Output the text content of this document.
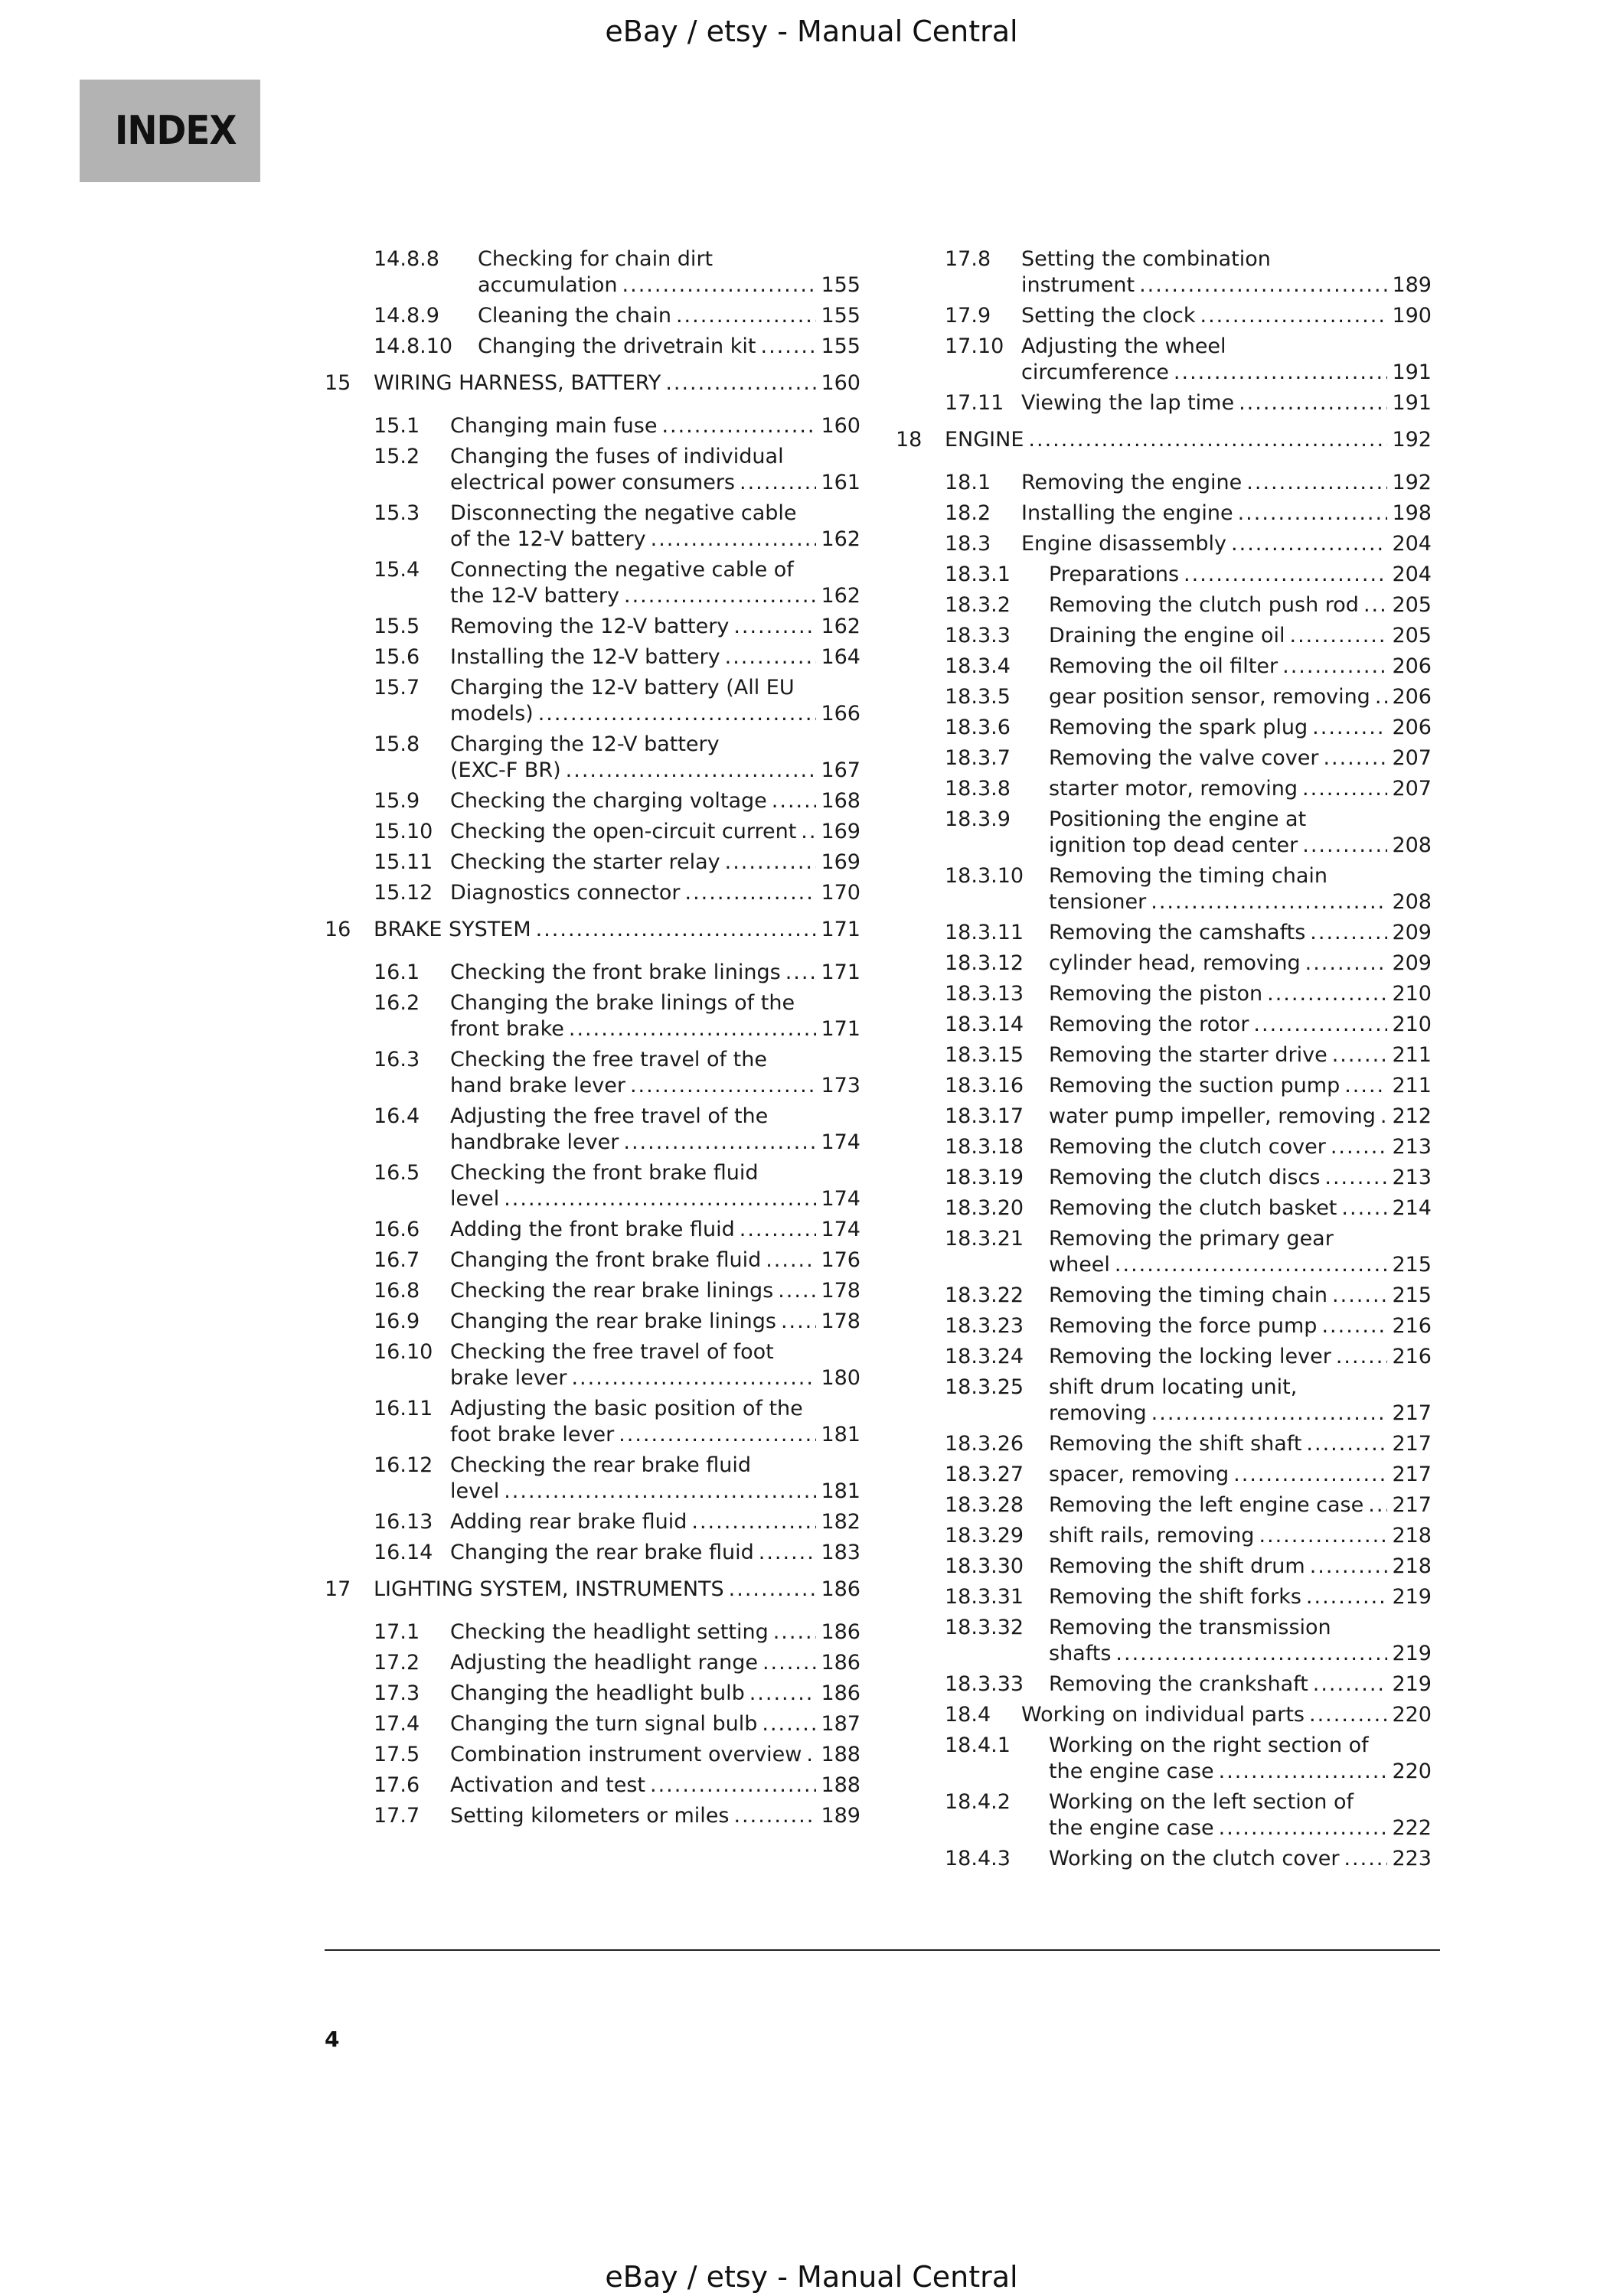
eBay / etsy - Manual Central
INDEX
14.8.8 Checking for chain dirt
accumulation .....	155
14.8.9 Cleaning the chain .....	155
14.8.10 Changing the drivetrain kit .....	155
15 WIRING HARNESS, BATTERY .....	160
15.1 Changing main fuse .....	160
15.2 Changing the fuses of individual
electrical power consumers .....	161
15.3 Disconnecting the negative cable
of the 12-V battery .....	162
15.4 Connecting the negative cable of
the 12-V battery .....	162
15.5 Removing the 12-V battery .....	162
15.6 Installing the 12-V battery .....	164
15.7 Charging the 12-V battery (All EU
models) .....	166
15.8 Charging the 12-V battery
(EXC-F BR) .....	167
15.9 Checking the charging voltage .....	168
15.10 Checking the open-circuit current ..... 169
15.11 Checking the starter relay .....	169
15.12 Diagnostics connector .....	170
16 BRAKE SYSTEM .....	171
16.1 Checking the front brake linings ..... 171
16.2 Changing the brake linings of the
front brake .....	171
16.3 Checking the free travel of the
hand brake lever .....	173
16.4 Adjusting the free travel of the
handbrake lever .....	174
16.5 Checking the front brake fluid
level .....	174
16.6 Adding the front brake fluid .....	174
16.7 Changing the front brake fluid .....	176
16.8 Checking the rear brake linings ..... 178
16.9 Changing the rear brake linings ..... 178
16.10 Checking the free travel of foot
brake lever .....	180
16.11 Adjusting the basic position of the
foot brake lever .....	181
16.12 Checking the rear brake fluid
level .....	181
16.13 Adding rear brake fluid .....	182
16.14 Changing the rear brake fluid .....	183
17 LIGHTING SYSTEM, INSTRUMENTS .....	186
17.1 Checking the headlight setting .....	186
17.2 Adjusting the headlight range .....	186
17.3 Changing the headlight bulb .....	186
17.4 Changing the turn signal bulb .....	187
17.5 Combination instrument overview ..... 188
17.6 Activation and test .....	188
17.7 Setting kilometers or miles .....	189
17.8 Setting the combination
instrument .....	189
17.9 Setting the clock .....	190
17.10 Adjusting the wheel
circumference .....	191
17.11 Viewing the lap time .....	191
18 ENGINE .....	192
18.1 Removing the engine .....	192
18.2 Installing the engine .....	198
18.3 Engine disassembly .....	204
18.3.1 Preparations .....	204
18.3.2 Removing the clutch push rod ..... 205
18.3.3 Draining the engine oil .....	205
18.3.4 Removing the oil filter .....	206
18.3.5 gear position sensor, removing ..... 206
18.3.6 Removing the spark plug .....	206
18.3.7 Removing the valve cover .....	207
18.3.8 starter motor, removing .....	207
18.3.9 Positioning the engine at
ignition top dead center .....	208
18.3.10 Removing the timing chain
tensioner .....	208
18.3.11 Removing the camshafts .....	209
18.3.12 cylinder head, removing .....	209
18.3.13 Removing the piston .....	210
18.3.14 Removing the rotor .....	210
18.3.15 Removing the starter drive .....	211
18.3.16 Removing the suction pump .....	211
18.3.17 water pump impeller, removing ..... 212
18.3.18 Removing the clutch cover .....	213
18.3.19 Removing the clutch discs .....	213
18.3.20 Removing the clutch basket .....	214
18.3.21 Removing the primary gear
wheel .....	215
18.3.22 Removing the timing chain .....	215
18.3.23 Removing the force pump .....	216
18.3.24 Removing the locking lever .....	216
18.3.25 shift drum locating unit,
removing .....	217
18.3.26 Removing the shift shaft .....	217
18.3.27 spacer, removing .....	217
18.3.28 Removing the left engine case ..... 217
18.3.29 shift rails, removing .....	218
18.3.30 Removing the shift drum .....	218
18.3.31 Removing the shift forks .....	219
18.3.32 Removing the transmission
shafts .....	219
18.3.33 Removing the crankshaft .....	219
18.4 Working on individual parts .....	220
18.4.1 Working on the right section of
the engine case .....	220
18.4.2 Working on the left section of
the engine case .....	222
18.4.3 Working on the clutch cover .....	223
4
eBay / etsy - Manual Central
